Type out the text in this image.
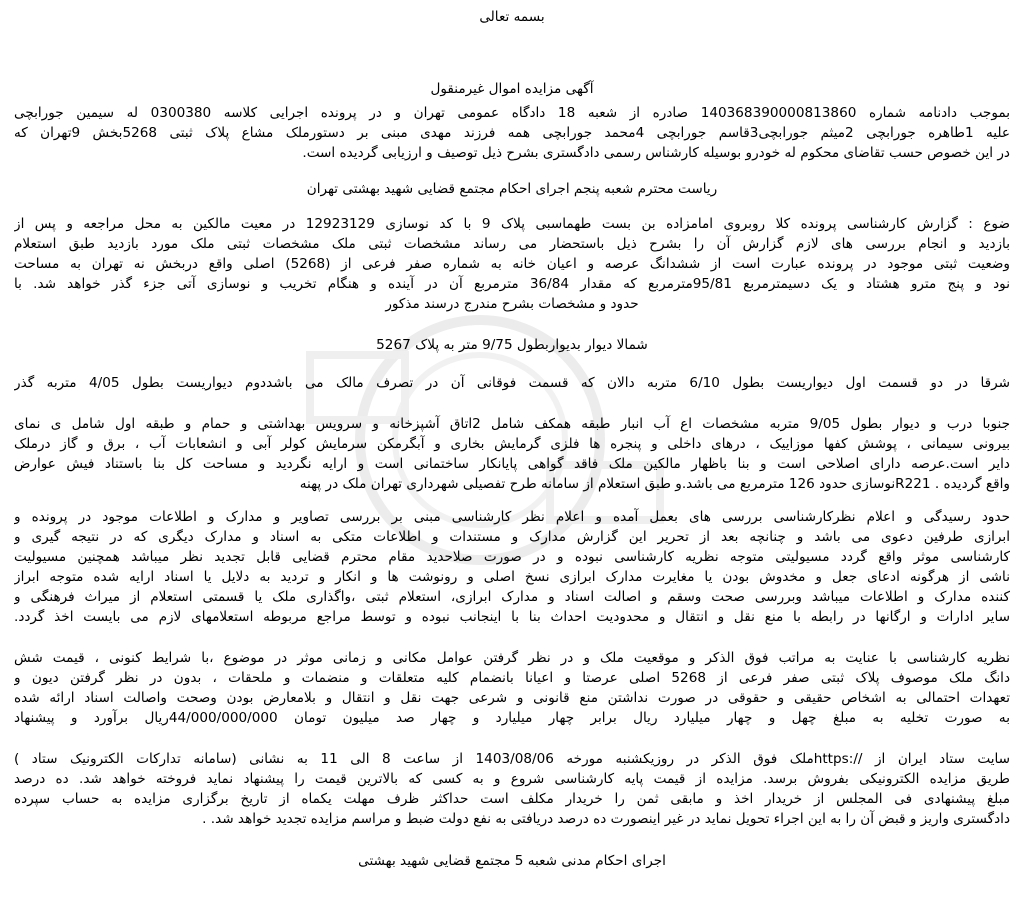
بسمه تعالی
آگهی مزایده اموال غیرمنقول
بموجب دادنامه شماره 140368390000813860 صادره از شعبه 18 دادگاه عمومی تهران و در پرونده اجرایی کلاسه 0300380 له سیمین جورابچی
علیه 1طاهره جورابچی 2میثم جورابچی3قاسم جورابچی 4محمد جورابچی همه فرزند مهدی مبنی بر دستورملک مشاع پلاک ثبتی 5268بخش 9تهران که
در این خصوص حسب تقاضای محکوم له خودرو بوسیله کارشناس رسمی دادگستری بشرح ذیل توصیف و ارزیابی گردیده است.
ریاست محترم شعبه پنجم اجرای احکام مجتمع قضایی شهید بهشتی تهران
ضوع : گزارش کارشناسی پرونده کلا روبروی امامزاده بن بست طهماسبی پلاک 9 با کد نوسازی 12923129 در معیت مالکین به محل مراجعه و پس از
بازدید و انجام بررسی های لازم گزارش آن را بشرح ذیل باستحضار می رساند مشخصات ثبتی ملک مشخصات ثبتی ملک مورد بازدید طبق استعلام
وضعیت ثبتی موجود در پرونده عبارت است از ششدانگ عرصه و اعیان خانه به شماره صفر فرعی از (5268) اصلی واقع دربخش نه تهران به مساحت
نود و پنج مترو هشتاد و یک دسیمترمربع 95/81مترمربع که مقدار 36/84 مترمربع آن در آینده و هنگام تخریب و نوسازی آتی جزء گذر خواهد شد. با
حدود و مشخصات بشرح مندرج درسند مذکور
شمالا دیوار بدیواربطول 9/75 متر به پلاک 5267
شرقا در دو قسمت اول دیواریست بطول 6/10 متربه دالان که قسمت فوقانی آن در تصرف مالک می باشددوم دیواریست بطول 4/05 متربه گذر
جنوبا درب و دیوار بطول 9/05 متربه مشخصات اع آب انبار طبقه همکف شامل 2اتاق آشپزخانه و سرویس بهداشتی و حمام و طبقه اول شامل ی نمای
بیرونی سیمانی ، پوشش کفها موزاییک ، درهای داخلی و پنجره ها فلزی گرمایش بخاری و آبگرمکن سرمایش کولر آبی و انشعابات آب ، برق و گاز درملک
دایر است.عرصه دارای اصلاحی است و بنا باظهار مالکین ملک فاقد گواهی پایانکار ساختمانی است و ارایه نگردید و مساحت کل بنا باستناد فیش عوارض
واقع گردیده . R221نوسازی حدود 126 مترمربع می باشد.و طبق استعلام از سامانه طرح تفصیلی شهرداری تهران ملک در پهنه
حدود رسیدگی و اعلام نظرکارشناسی بررسی های بعمل آمده و اعلام نظر کارشناسی مبنی بر بررسی تصاویر و مدارک و اطلاعات موجود در پرونده و
ابرازی طرفین دعوی می باشد و چنانچه بعد از تحریر این گزارش مدارک و مستندات و اطلاعات متکی به اسناد و مدارک دیگری که در نتیجه گیری و
کارشناسی موثر واقع گردد مسیولیتی متوجه نظریه کارشناسی نبوده و در صورت صلاحدید مقام محترم قضایی قابل تجدید نظر میباشد همچنین مسیولیت
ناشی از هرگونه ادعای جعل و مخدوش بودن یا مغایرت مدارک ابرازی نسخ اصلی و رونوشت ها و انکار و تردید به دلایل یا اسناد ارایه شده متوجه ابراز
کننده مدارک و اطلاعات میباشد وبررسی صحت وسقم و اصالت اسناد و مدارک ابرازی، استعلام ثبتی ،واگذاری ملک یا قسمتی استعلام از میراث فرهنگی و
سایر ادارات و ارگانها در رابطه با منع نقل و انتقال و محدودیت احداث بنا با اینجانب نبوده و توسط مراجع مربوطه استعلامهای لازم می بایست اخذ گردد.
نظریه کارشناسی با عنایت به مراتب فوق الذکر و موقعیت ملک و در نظر گرفتن عوامل مکانی و زمانی موثر در موضوع ،با شرایط کنونی ، قیمت شش
دانگ ملک موصوف پلاک ثبتی صفر فرعی از 5268 اصلی عرصتا و اعیانا بانضمام کلیه متعلقات و منضمات و ملحقات ، بدون در نظر گرفتن دیون و
تعهدات احتمالی به اشخاص حقیقی و حقوقی در صورت نداشتن منع قانونی و شرعی جهت نقل و انتقال و بلامعارض بودن وصحت واصالت اسناد ارائه شده
به صورت تخلیه به مبلغ چهل و چهار میلیارد ریال برابر چهار میلیارد و چهار صد میلیون تومان 44/000/000/000ریال برآورد و پیشنهاد
سایت ستاد ایران از //:httpsملک فوق الذکر در روزیکشنبه مورخه 1403/08/06 از ساعت 8 الی 11 به نشانی (سامانه تدارکات الکترونیک ستاد )
طریق مزایده الکترونیکی بفروش برسد. مزایده از قیمت پایه کارشناسی شروع و به کسی که بالاترین قیمت را پیشنهاد نماید فروخته خواهد شد. ده درصد
مبلغ پیشنهادی فی المجلس از خریدار اخذ و مابقی ثمن را خریدار مکلف است حداکثر ظرف مهلت یکماه از تاریخ برگزاری مزایده به حساب سپرده
دادگستری واریز و قبض آن را به این اجراء تحویل نماید در غیر اینصورت ده درصد دریافتی به نفع دولت ضبط و مراسم مزایده تجدید خواهد شد. .
اجرای احکام مدنی شعبه 5 مجتمع قضایی شهید بهشتی
